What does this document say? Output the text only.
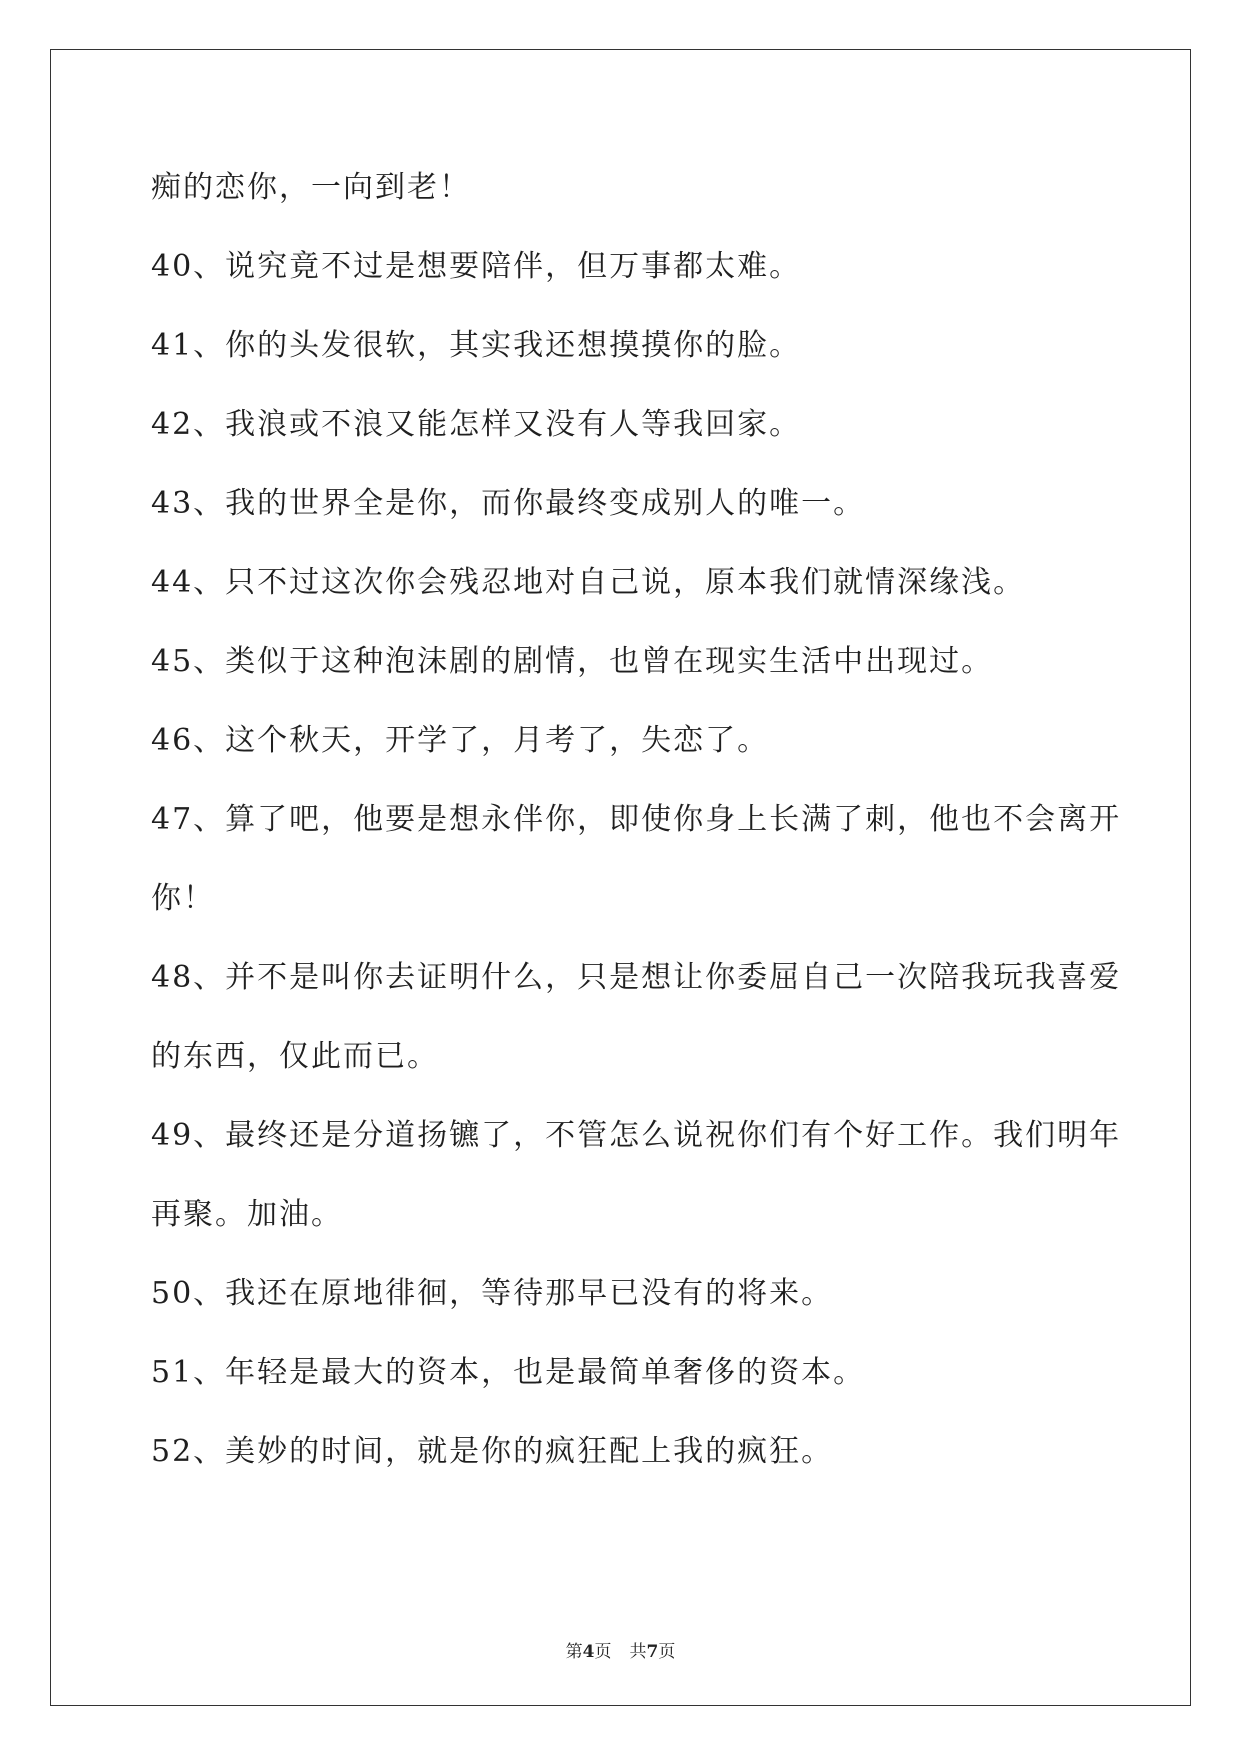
痴的恋你，一向到老！
40、说究竟不过是想要陪伴，但万事都太难。
41、你的头发很软，其实我还想摸摸你的脸。
42、我浪或不浪又能怎样又没有人等我回家。
43、我的世界全是你，而你最终变成别人的唯一。
44、只不过这次你会残忍地对自己说，原本我们就情深缘浅。
45、类似于这种泡沫剧的剧情，也曾在现实生活中出现过。
46、这个秋天，开学了，月考了，失恋了。
47、算了吧，他要是想永伴你，即使你身上长满了刺，他也不会离开
你！
48、并不是叫你去证明什么，只是想让你委屈自己一次陪我玩我喜爱
的东西，仅此而已。
49、最终还是分道扬镳了，不管怎么说祝你们有个好工作。我们明年
再聚。加油。
50、我还在原地徘徊，等待那早已没有的将来。
51、年轻是最大的资本，也是最简单奢侈的资本。
52、美妙的时间，就是你的疯狂配上我的疯狂。
第4页 共7页
